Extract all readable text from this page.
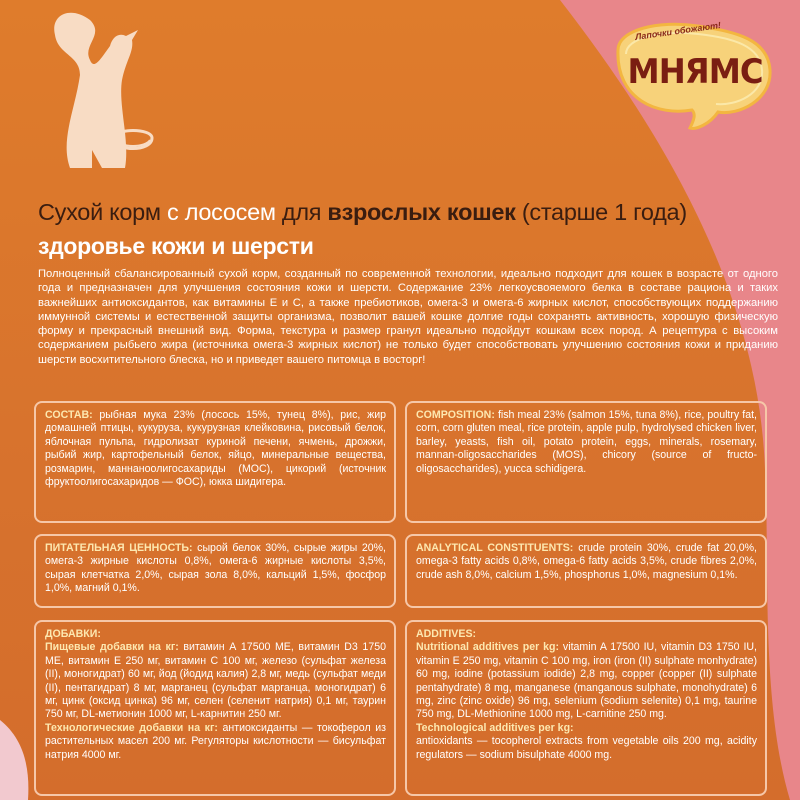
Лапочки обожают!
МНЯМС
Сухой корм с лососем для взрослых кошек (старше 1 года)
здоровье кожи и шерсти
Полноценный сбалансированный сухой корм, созданный по современной технологии, идеально подходит для кошек в возрасте от одного года и предназначен для улучшения состояния кожи и шерсти. Содержание 23% легкоусвояемого белка в составе рациона и таких важнейших антиоксидантов, как витамины Е и С, а также пребиотиков, омега-3 и омега-6 жирных кислот, способствующих поддержанию иммунной системы и естественной защиты организма, позволит вашей кошке долгие годы сохранять активность, хорошую физическую форму и прекрасный внешний вид. Форма, текстура и размер гранул идеально подойдут кошкам всех пород. А рецептура с высоким содержанием рыбьего жира (источника омега-3 жирных кислот) не только будет способствовать улучшению состояния кожи и приданию шерсти восхитительного блеска, но и приведет вашего питомца в восторг!

СОСТАВ: рыбная мука 23% (лосось 15%, тунец 8%), рис, жир домашней птицы, кукуруза, кукурузная клейковина, рисовый белок, яблочная пульпа, гидролизат куриной печени, ячмень, дрожжи, рыбий жир, картофельный белок, яйцо, минеральные вещества, розмарин, маннаноолигосахариды (МОС), цикорий (источник фруктоолигосахаридов — ФОС), юкка шидигера.

COMPOSITION: fish meal 23% (salmon 15%, tuna 8%), rice, poultry fat, corn, corn gluten meal, rice protein, apple pulp, hydrolysed chicken liver, barley, yeasts, fish oil, potato protein, eggs, minerals, rosemary, mannan-oligosaccharides (MOS), chicory (source of fructo-oligosaccharides), yucca schidigera.

ПИТАТЕЛЬНАЯ ЦЕННОСТЬ: сырой белок 30%, сырые жиры 20%, омега-3 жирные кислоты 0,8%, омега-6 жирные кислоты 3,5%, сырая клетчатка 2,0%, сырая зола 8,0%, кальций 1,5%, фосфор 1,0%, магний 0,1%.

ANALYTICAL CONSTITUENTS: crude protein 30%, crude fat 20,0%, omega-3 fatty acids 0,8%, omega-6 fatty acids 3,5%, crude fibres 2,0%, crude ash 8,0%, calcium 1,5%, phosphorus 1,0%, magnesium 0,1%.

ДОБАВКИ:

Пищевые добавки на кг: витамин А 17500 МЕ, витамин D3 1750 МЕ, витамин Е 250 мг, витамин С 100 мг, железо (сульфат железа (II), моногидрат) 60 мг, йод (йодид калия) 2,8 мг, медь (сульфат меди (II), пентагидрат) 8 мг, марганец (сульфат марганца, моногидрат) 6 мг, цинк (оксид цинка) 96 мг, селен (селенит натрия) 0,1 мг, таурин 750 мг, DL-метионин 1000 мг, L-карнитин 250 мг.

Технологические добавки на кг: антиоксиданты — токоферол из растительных масел 200 мг. Регуляторы кислотности — бисульфат натрия 4000 мг.

ADDITIVES:

Nutritional additives per kg: vitamin A 17500 IU, vitamin D3 1750 IU, vitamin E 250 mg, vitamin C 100 mg, iron (iron (II) sulphate monhydrate) 60 mg, iodine (potassium iodide) 2,8 mg, copper (copper (II) sulphate pentahydrate) 8 mg, manganese (manganous sulphate, monohydrate) 6 mg, zinc (zinc oxide) 96 mg, selenium (sodium selenite) 0,1 mg, taurine 750 mg, DL-Methionine 1000 mg, L-carnitine 250 mg.

Technological additives per kg:

antioxidants — tocopherol extracts from vegetable oils 200 mg, acidity regulators — sodium bisulphate 4000 mg.
